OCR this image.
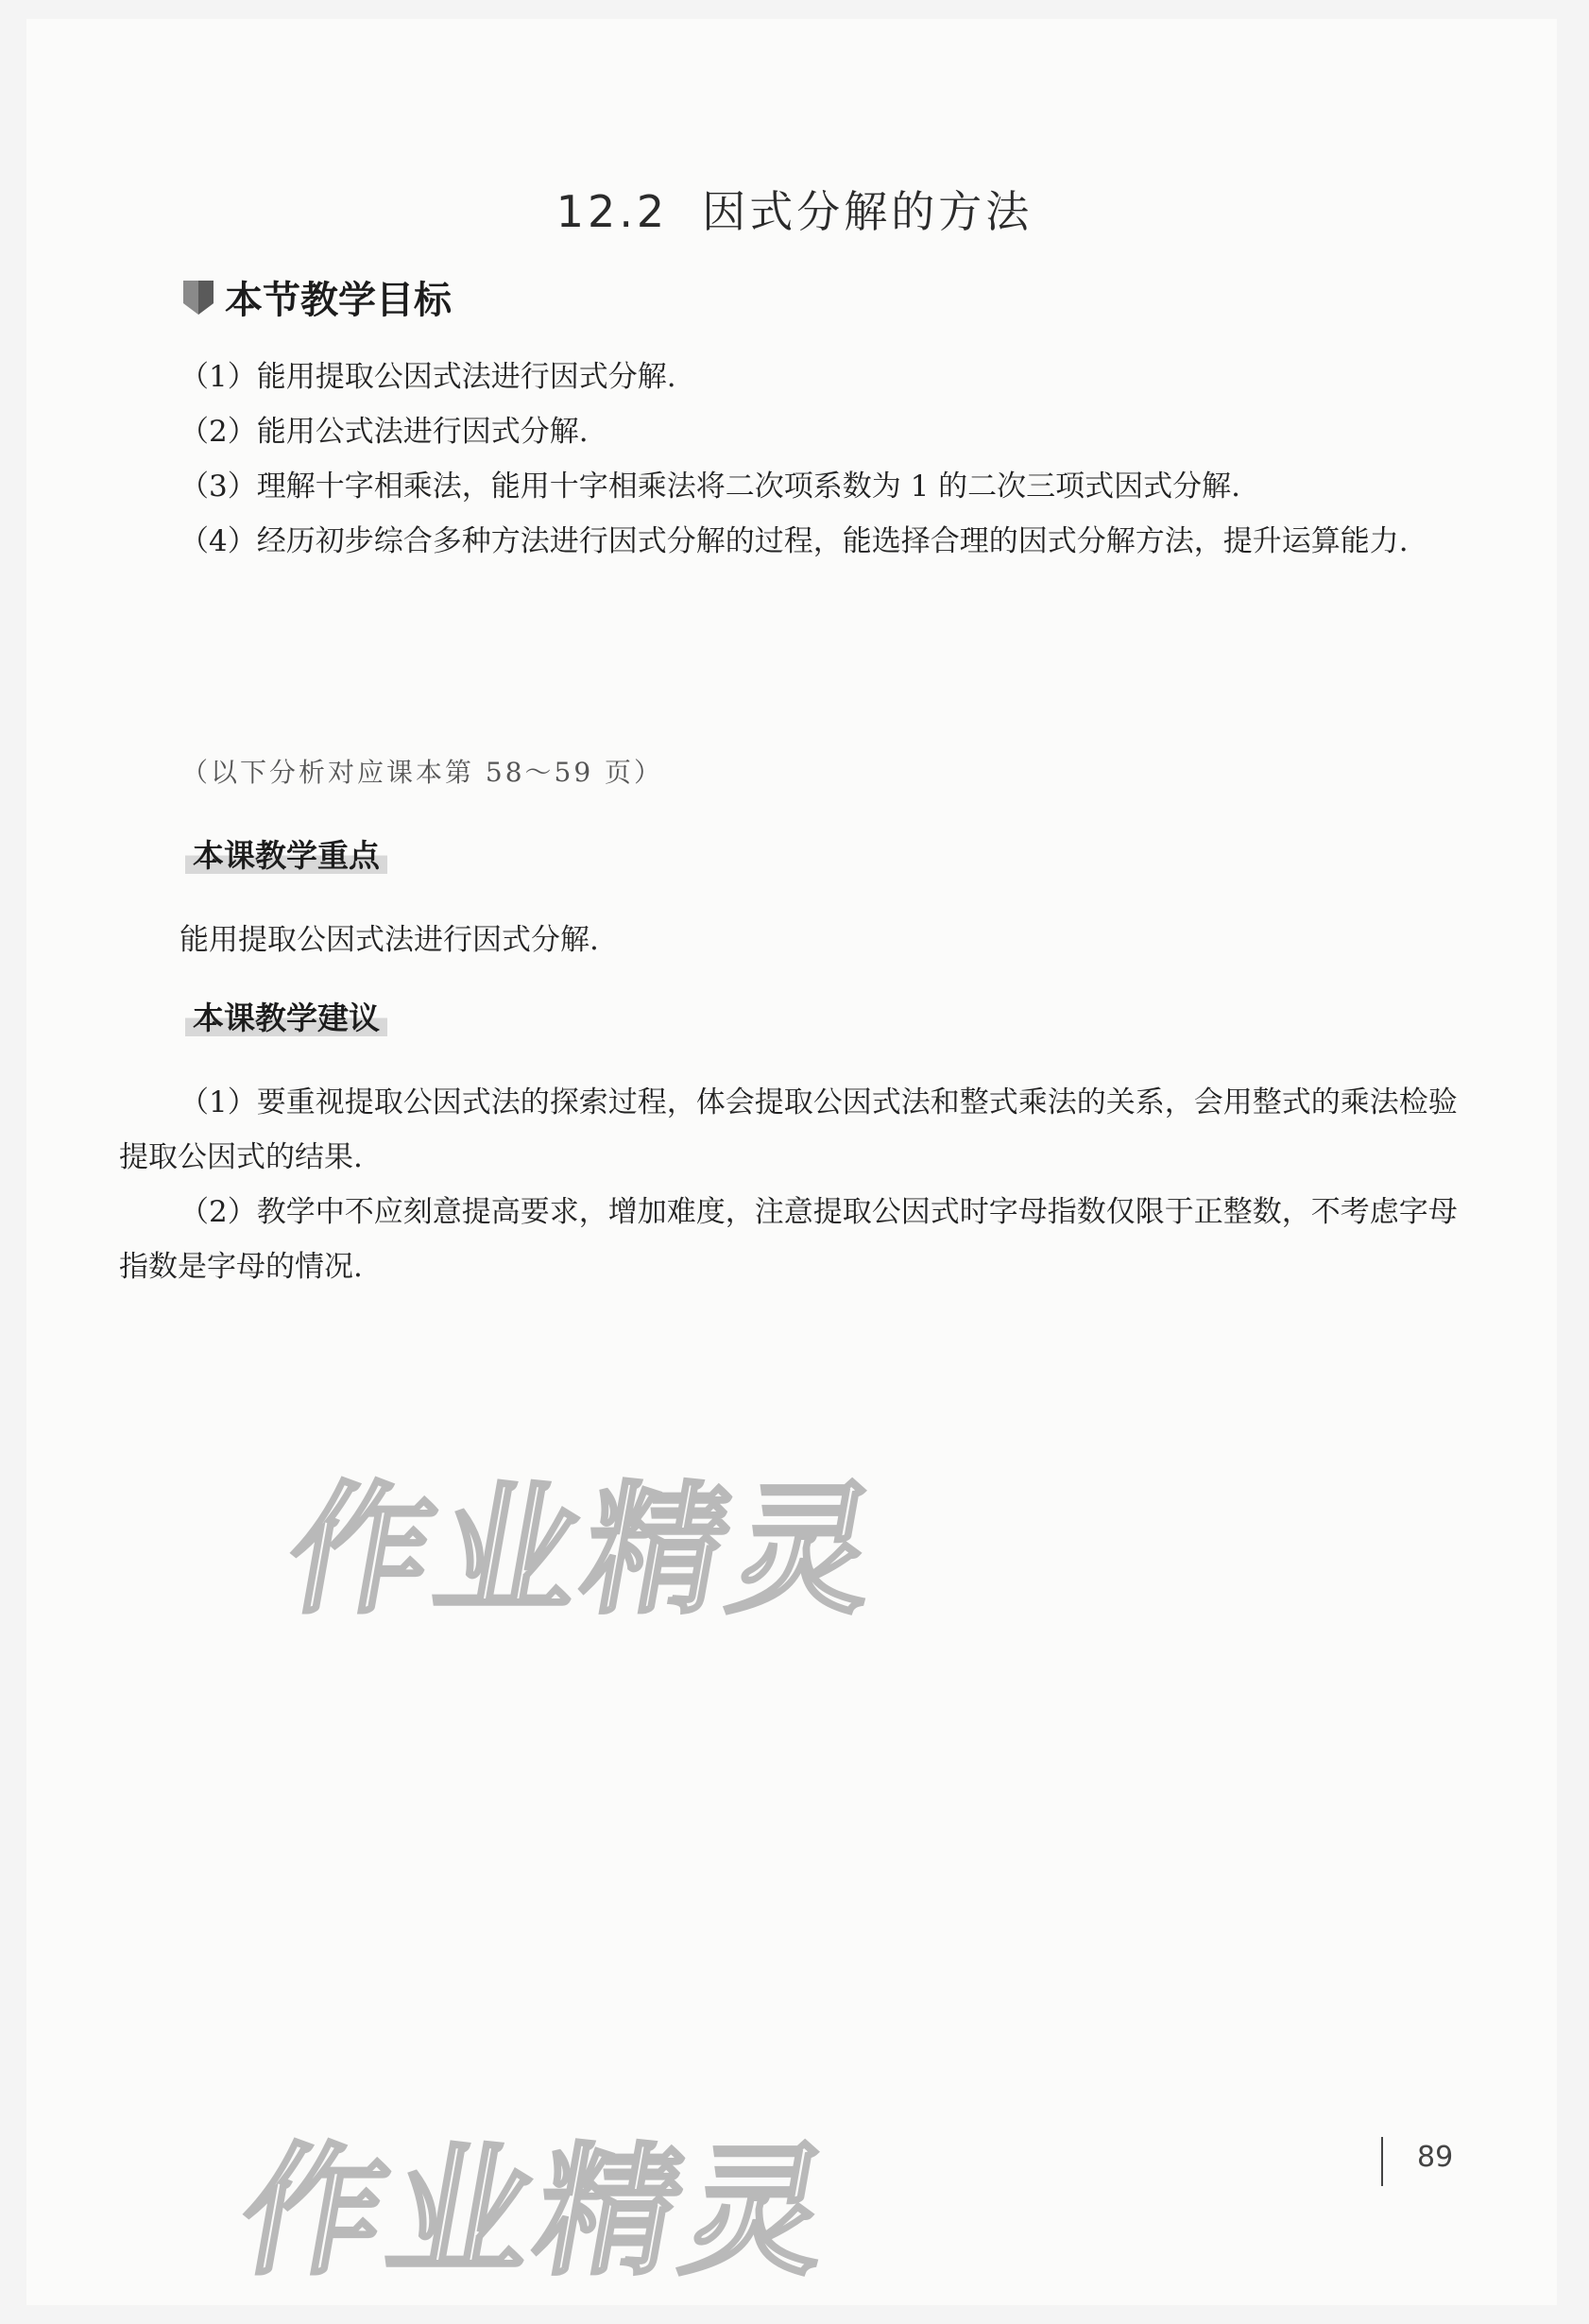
12.2 因式分解的方法
本节教学目标
（1）能用提取公因式法进行因式分解.
（2）能用公式法进行因式分解.
（3）理解十字相乘法，能用十字相乘法将二次项系数为 1 的二次三项式因式分解.
（4）经历初步综合多种方法进行因式分解的过程，能选择合理的因式分解方法，提升运算能力.
（以下分析对应课本第 58～59 页）
本课教学重点
能用提取公因式法进行因式分解.
本课教学建议
（1）要重视提取公因式法的探索过程，体会提取公因式法和整式乘法的关系，会用整式的乘法检验提取公因式的结果.
（2）教学中不应刻意提高要求，增加难度，注意提取公因式时字母指数仅限于正整数，不考虑字母指数是字母的情况.
作业精灵
作业精灵	89
